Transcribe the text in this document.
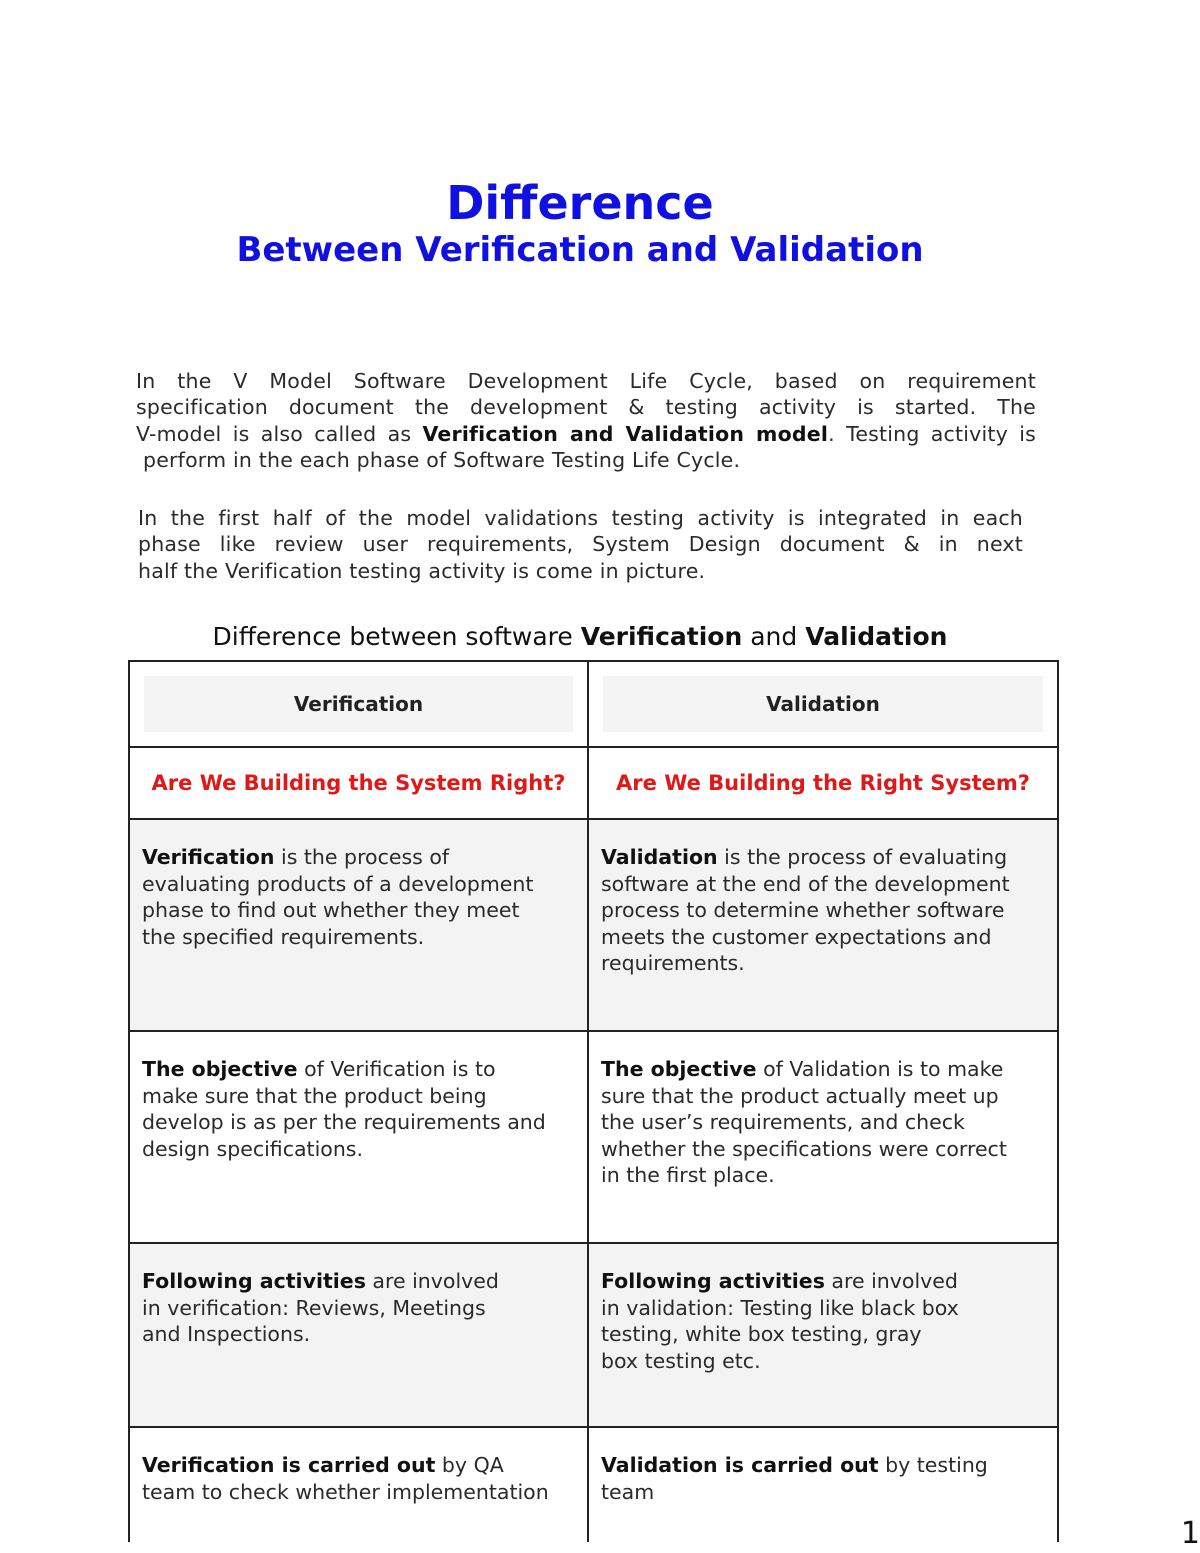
Difference
Between Verification and Validation

In the V Model Software Development Life Cycle, based on requirement
specification document the development & testing activity is started. The
V-model is also called as Verification and Validation model. Testing activity is
perform in the each phase of Software Testing Life Cycle.

In the first half of the model validations testing activity is integrated in each
phase like review user requirements, System Design document & in next
half the Verification testing activity is come in picture.

Difference between software Verification and Validation
Verification	Validation

Are We Building the System Right?	Are We Building the Right System?

Verification is the process of
evaluating products of a development
phase to find out whether they meet
the specified requirements.	Validation is the process of evaluating
software at the end of the development
process to determine whether software
meets the customer expectations and
requirements.

The objective of Verification is to
make sure that the product being
develop is as per the requirements and
design specifications.	The objective of Validation is to make
sure that the product actually meet up
the user’s requirements, and check
whether the specifications were correct
in the first place.

Following activities are involved
in verification: Reviews, Meetings
and Inspections.	Following activities are involved
in validation: Testing like black box
testing, white box testing, gray
box testing etc.

Verification is carried out by QA
team to check whether implementation	Validation is carried out by testing
team
1
